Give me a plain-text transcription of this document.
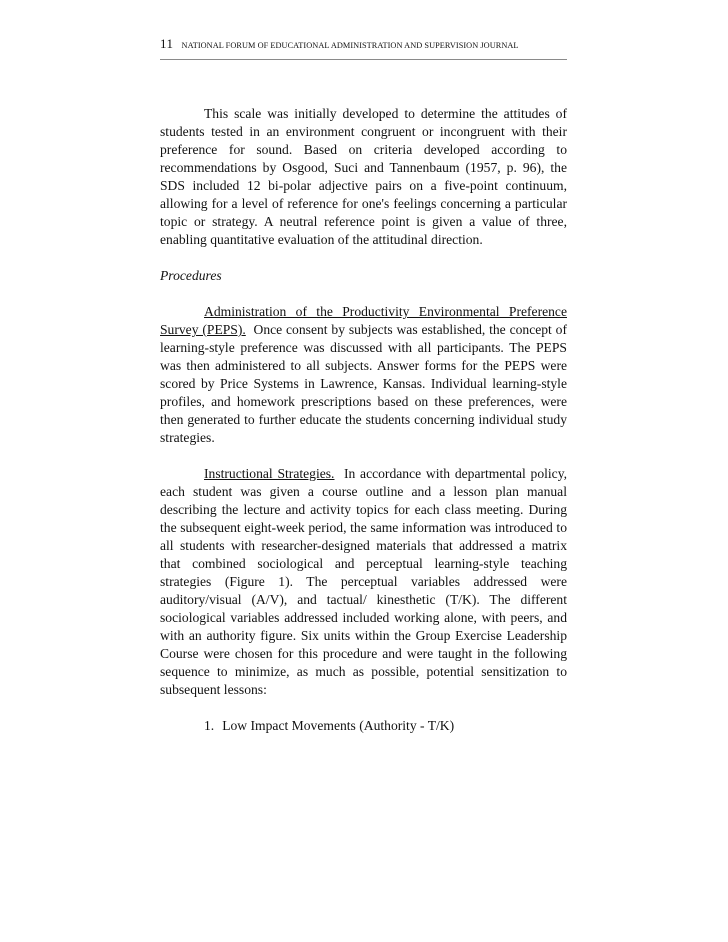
11 NATIONAL FORUM OF EDUCATIONAL ADMINISTRATION AND SUPERVISION JOURNAL

This scale was initially developed to determine the attitudes of students tested in an environment congruent or incongruent with their preference for sound. Based on criteria developed according to recommendations by Osgood, Suci and Tannenbaum (1957, p. 96), the SDS included 12 bi-polar adjective pairs on a five-point continuum, allowing for a level of reference for one's feelings concerning a particular topic or strategy. A neutral reference point is given a value of three, enabling quantitative evaluation of the attitudinal direction.

Procedures

Administration of the Productivity Environmental Preference Survey (PEPS). Once consent by subjects was established, the concept of learning-style preference was discussed with all participants. The PEPS was then administered to all subjects. Answer forms for the PEPS were scored by Price Systems in Lawrence, Kansas. Individual learning-style profiles, and homework prescriptions based on these preferences, were then generated to further educate the students concerning individual study strategies.

Instructional Strategies. In accordance with departmental policy, each student was given a course outline and a lesson plan manual describing the lecture and activity topics for each class meeting. During the subsequent eight-week period, the same information was introduced to all students with researcher-designed materials that addressed a matrix that combined sociological and perceptual learning-style teaching strategies (Figure 1). The perceptual variables addressed were auditory/visual (A/V), and tactual/ kinesthetic (T/K). The different sociological variables addressed included working alone, with peers, and with an authority figure. Six units within the Group Exercise Leadership Course were chosen for this procedure and were taught in the following sequence to minimize, as much as possible, potential sensitization to subsequent lessons:

1. Low Impact Movements (Authority - T/K)
